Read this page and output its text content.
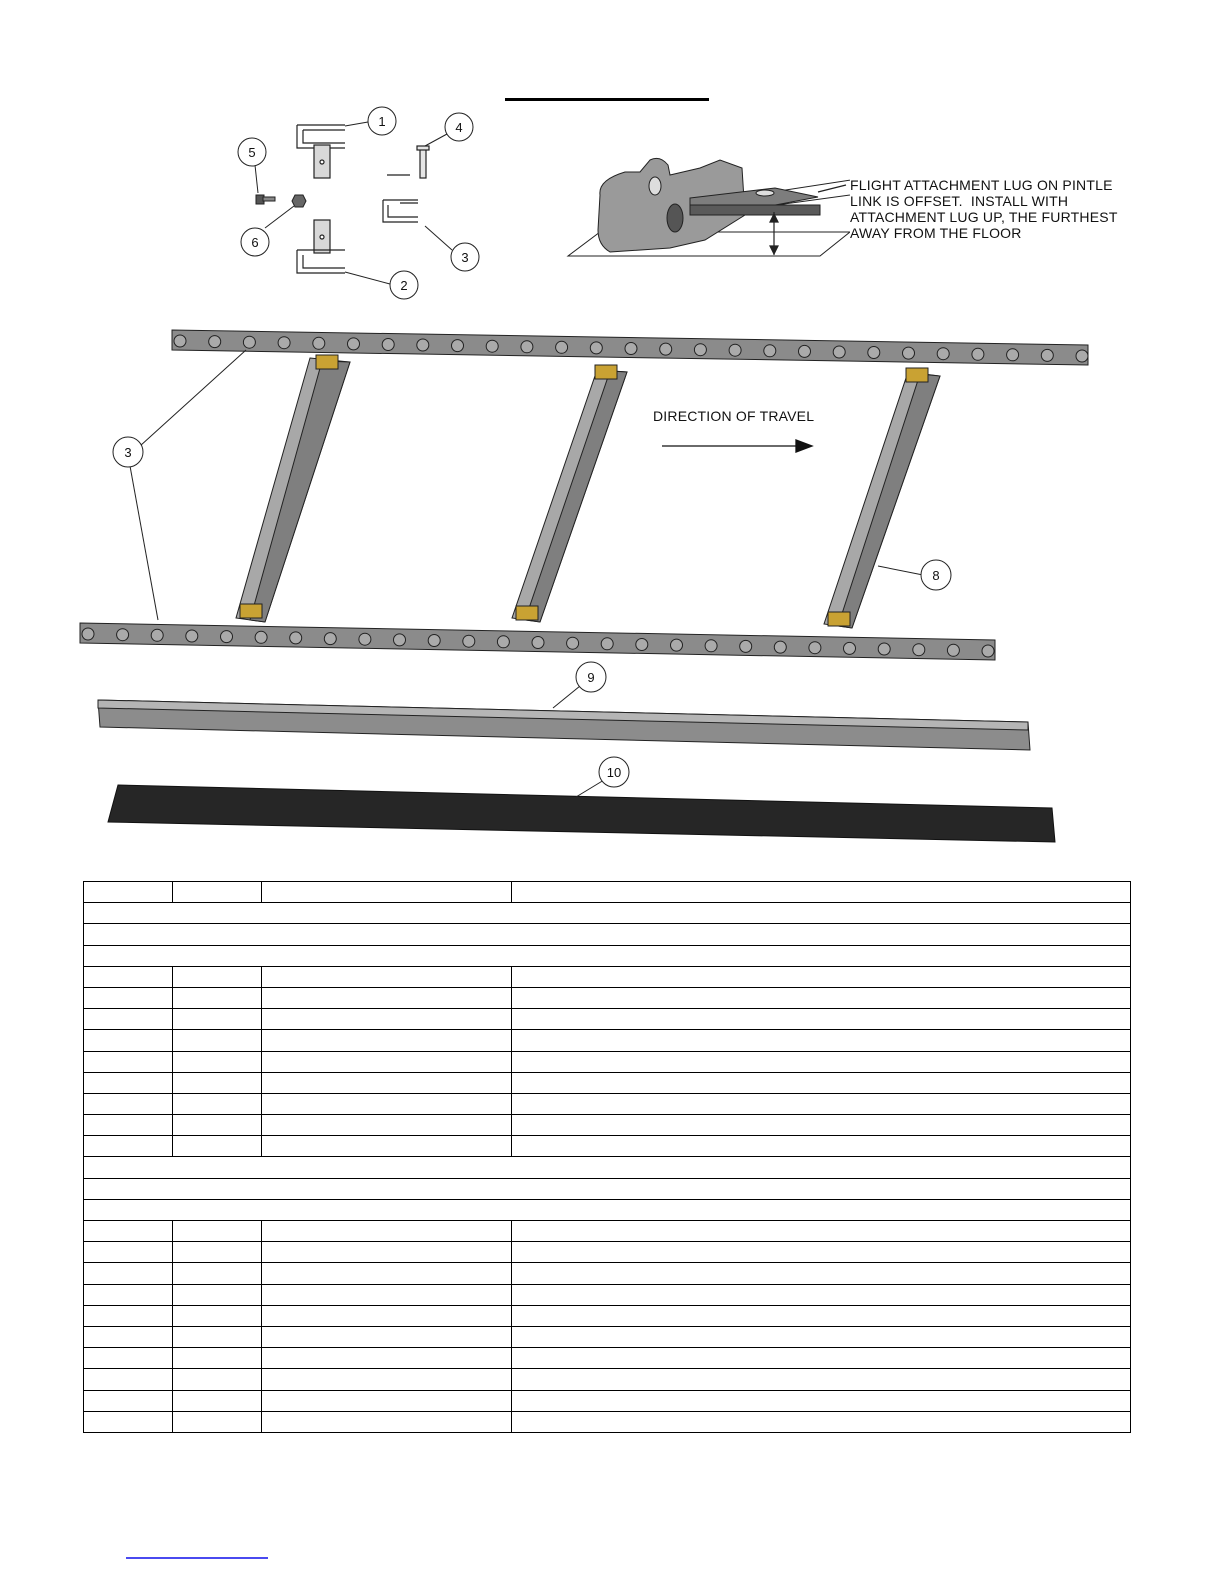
1
2
3
4
5
6
FLIGHT ATTACHMENT LUG ON PINTLE
LINK IS OFFSET.  INSTALL WITH
ATTACHMENT LUG UP, THE FURTHEST
AWAY FROM THE FLOOR
3
8
9
10
DIRECTION OF TRAVEL
